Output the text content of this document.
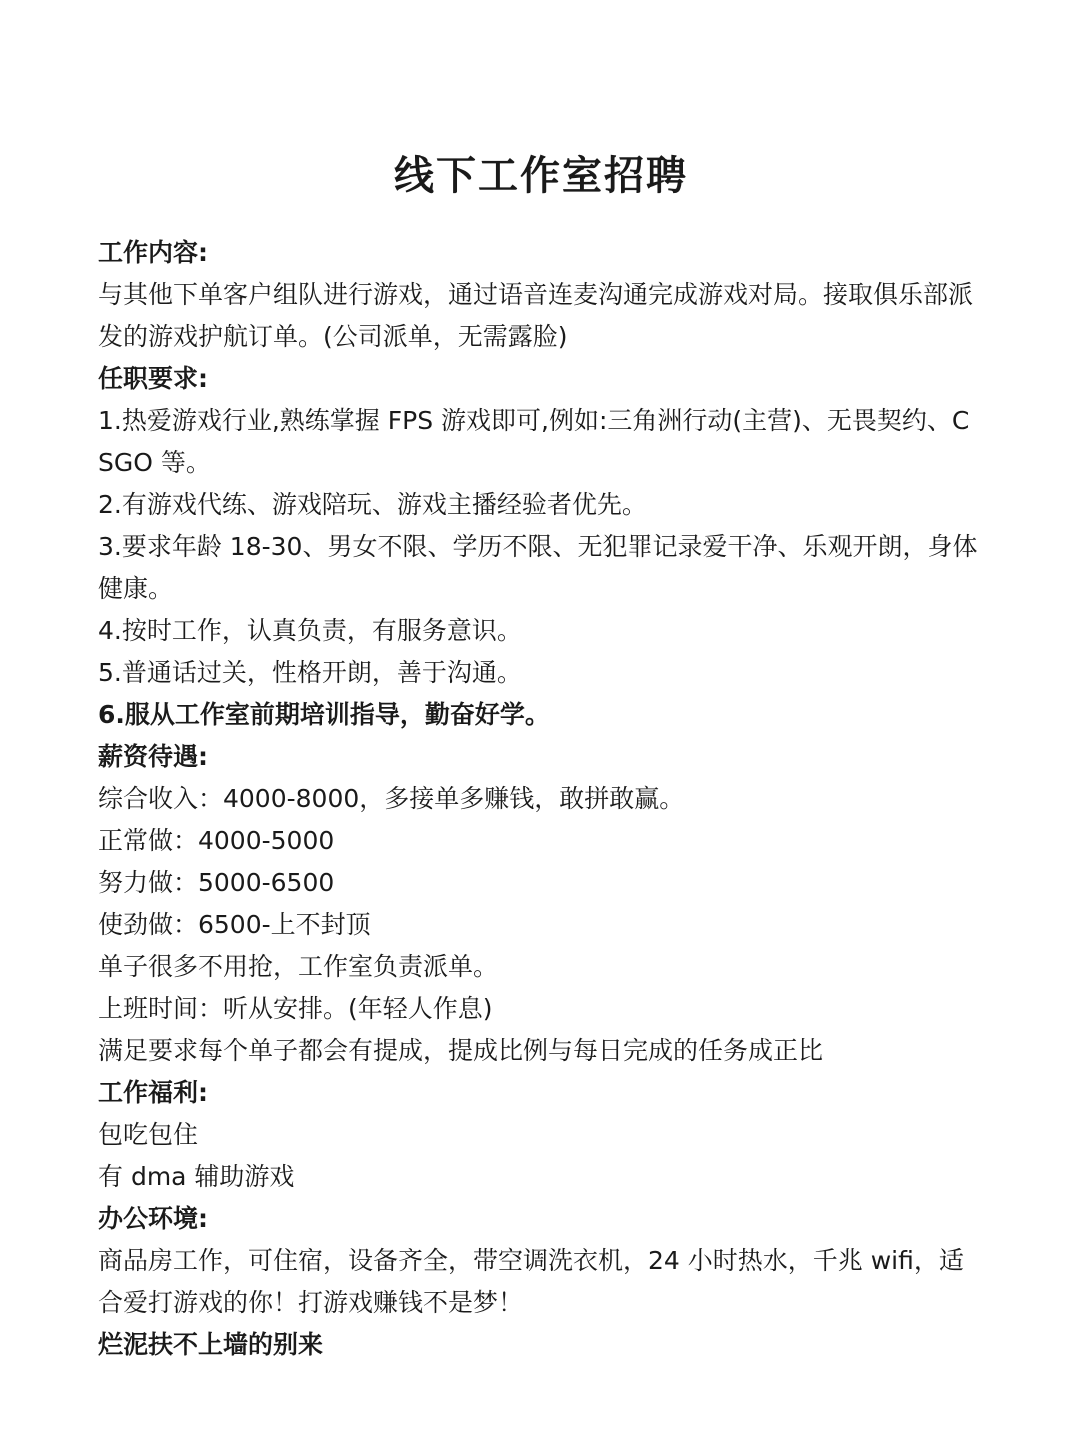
线下工作室招聘

工作内容:

与其他下单客户组队进行游戏，通过语音连麦沟通完成游戏对局。接取俱乐部派发的游戏护航订单。(公司派单，无需露脸)

任职要求:

1.热爱游戏行业,熟练掌握 FPS 游戏即可,例如:三角洲行动(主营)、无畏契约、CSGO 等。

2.有游戏代练、游戏陪玩、游戏主播经验者优先。

3.要求年龄 18-30、男女不限、学历不限、无犯罪记录爱干净、乐观开朗，身体健康。

4.按时工作，认真负责，有服务意识。

5.普通话过关，性格开朗，善于沟通。

6.服从工作室前期培训指导，勤奋好学。

薪资待遇:

综合收入：4000-8000，多接单多赚钱，敢拼敢赢。

正常做：4000-5000

努力做：5000-6500

使劲做：6500-上不封顶

单子很多不用抢，工作室负责派单。

上班时间：听从安排。(年轻人作息)

满足要求每个单子都会有提成，提成比例与每日完成的任务成正比

工作福利:

包吃包住

有 dma 辅助游戏

办公环境:

商品房工作，可住宿，设备齐全，带空调洗衣机，24 小时热水，千兆 wifi，适合爱打游戏的你！打游戏赚钱不是梦！

烂泥扶不上墙的别来
